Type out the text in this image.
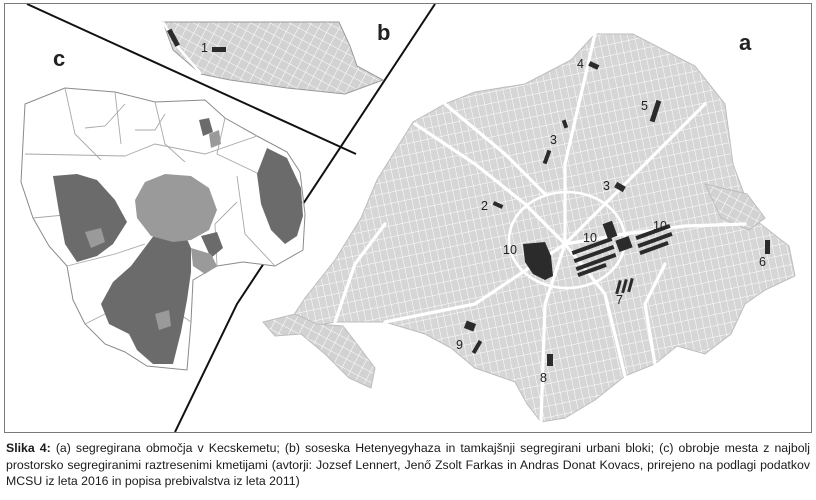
b	a
c	1
2
3
3
4
5
6
7
8
9
10
10
10
Slika 4: (a) segregirana območja v Kecskemetu; (b) soseska Hetenyegyhaza in tamkajšnji segregirani urbani bloki; (c) obrobje mesta z najbolj prostorsko segregiranimi raztresenimi kmetijami (avtorji: Jozsef Lennert, Jenő Zsolt Farkas in Andras Donat Kovacs, prirejeno na podlagi podatkov MCSU iz leta 2016 in popisa prebivalstva iz leta 2011)
